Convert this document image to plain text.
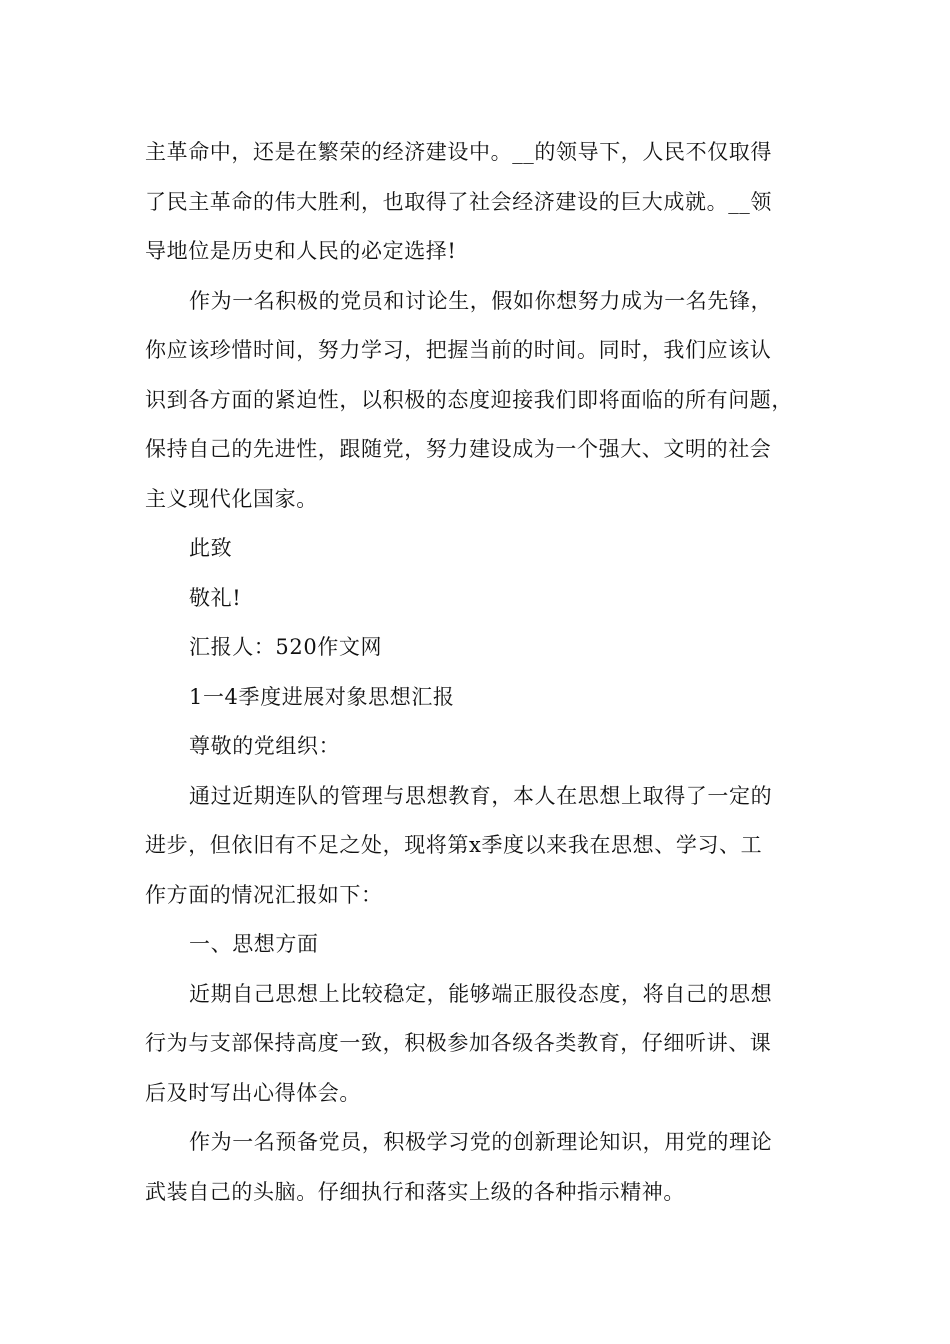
主革命中，还是在繁荣的经济建设中。__的领导下，人民不仅取得
了民主革命的伟大胜利，也取得了社会经济建设的巨大成就。__领
导地位是历史和人民的必定选择!
作为一名积极的党员和讨论生，假如你想努力成为一名先锋，
你应该珍惜时间，努力学习，把握当前的时间。同时，我们应该认
识到各方面的紧迫性，以积极的态度迎接我们即将面临的所有问题，
保持自己的先进性，跟随党，努力建设成为一个强大、文明的社会
主义现代化国家。
此致
敬礼!
汇报人：520作文网
1一4季度进展对象思想汇报
尊敬的党组织：
通过近期连队的管理与思想教育，本人在思想上取得了一定的
进步，但依旧有不足之处，现将第x季度以来我在思想、学习、工
作方面的情况汇报如下：
一、思想方面
近期自己思想上比较稳定，能够端正服役态度，将自己的思想
行为与支部保持高度一致，积极参加各级各类教育，仔细听讲、课
后及时写出心得体会。
作为一名预备党员，积极学习党的创新理论知识，用党的理论
武装自己的头脑。仔细执行和落实上级的各种指示精神。
